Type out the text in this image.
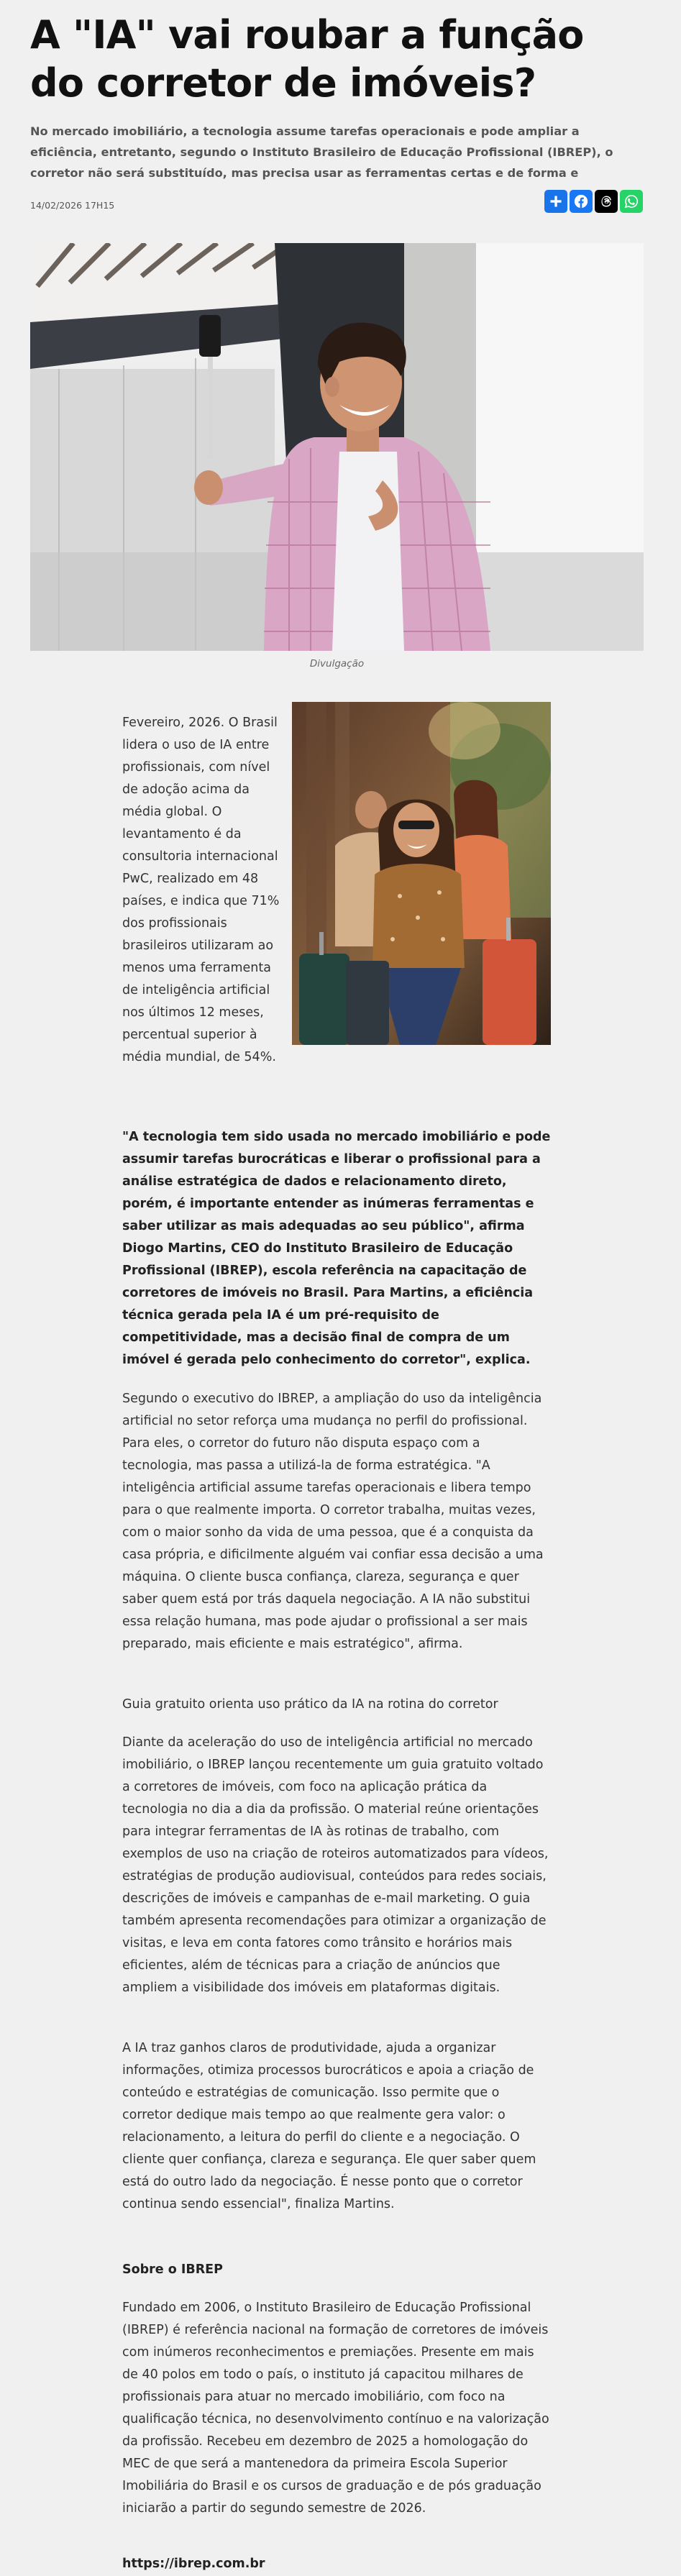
A "IA" vai roubar a função do corretor de imóveis?

No mercado imobiliário, a tecnologia assume tarefas operacionais e pode ampliar a eficiência, entretanto, segundo o Instituto Brasileiro de Educação Profissional (IBREP), o corretor não será substituído, mas precisa usar as ferramentas certas e de forma e

14/02/2026 17H15
Divulgação

Fevereiro, 2026. O Brasil lidera o uso de IA entre profissionais, com nível de adoção acima da média global. O levantamento é da consultoria internacional PwC, realizado em 48 países, e indica que 71% dos profissionais brasileiros utilizaram ao menos uma ferramenta de inteligência artificial nos últimos 12 meses, percentual superior à média mundial, de 54%.

"A tecnologia tem sido usada no mercado imobiliário e pode assumir tarefas burocráticas e liberar o profissional para a análise estratégica de dados e relacionamento direto, porém, é importante entender as inúmeras ferramentas e saber utilizar as mais adequadas ao seu público", afirma Diogo Martins, CEO do Instituto Brasileiro de Educação Profissional (IBREP), escola referência na capacitação de corretores de imóveis no Brasil. Para Martins, a eficiência técnica gerada pela IA é um pré-requisito de competitividade, mas a decisão final de compra de um imóvel é gerada pelo conhecimento do corretor", explica.

Segundo o executivo do IBREP, a ampliação do uso da inteligência artificial no setor reforça uma mudança no perfil do profissional. Para eles, o corretor do futuro não disputa espaço com a tecnologia, mas passa a utilizá-la de forma estratégica. "A inteligência artificial assume tarefas operacionais e libera tempo para o que realmente importa. O corretor trabalha, muitas vezes, com o maior sonho da vida de uma pessoa, que é a conquista da casa própria, e dificilmente alguém vai confiar essa decisão a uma máquina. O cliente busca confiança, clareza, segurança e quer saber quem está por trás daquela negociação. A IA não substitui essa relação humana, mas pode ajudar o profissional a ser mais preparado, mais eficiente e mais estratégico", afirma.

Guia gratuito orienta uso prático da IA na rotina do corretor

Diante da aceleração do uso de inteligência artificial no mercado imobiliário, o IBREP lançou recentemente um guia gratuito voltado a corretores de imóveis, com foco na aplicação prática da tecnologia no dia a dia da profissão. O material reúne orientações para integrar ferramentas de IA às rotinas de trabalho, com exemplos de uso na criação de roteiros automatizados para vídeos, estratégias de produção audiovisual, conteúdos para redes sociais, descrições de imóveis e campanhas de e-mail marketing. O guia também apresenta recomendações para otimizar a organização de visitas, e leva em conta fatores como trânsito e horários mais eficientes, além de técnicas para a criação de anúncios que ampliem a visibilidade dos imóveis em plataformas digitais.

A IA traz ganhos claros de produtividade, ajuda a organizar informações, otimiza processos burocráticos e apoia a criação de conteúdo e estratégias de comunicação. Isso permite que o corretor dedique mais tempo ao que realmente gera valor: o relacionamento, a leitura do perfil do cliente e a negociação. O cliente quer confiança, clareza e segurança. Ele quer saber quem está do outro lado da negociação. É nesse ponto que o corretor continua sendo essencial", finaliza Martins.

Sobre o IBREP

Fundado em 2006, o Instituto Brasileiro de Educação Profissional (IBREP) é referência nacional na formação de corretores de imóveis com inúmeros reconhecimentos e premiações. Presente em mais de 40 polos em todo o país, o instituto já capacitou milhares de profissionais para atuar no mercado imobiliário, com foco na qualificação técnica, no desenvolvimento contínuo e na valorização da profissão. Recebeu em dezembro de 2025 a homologação do MEC de que será a mantenedora da primeira Escola Superior Imobiliária do Brasil e os cursos de graduação e de pós graduação iniciarão a partir do segundo semestre de 2026.

https://ibrep.com.br
